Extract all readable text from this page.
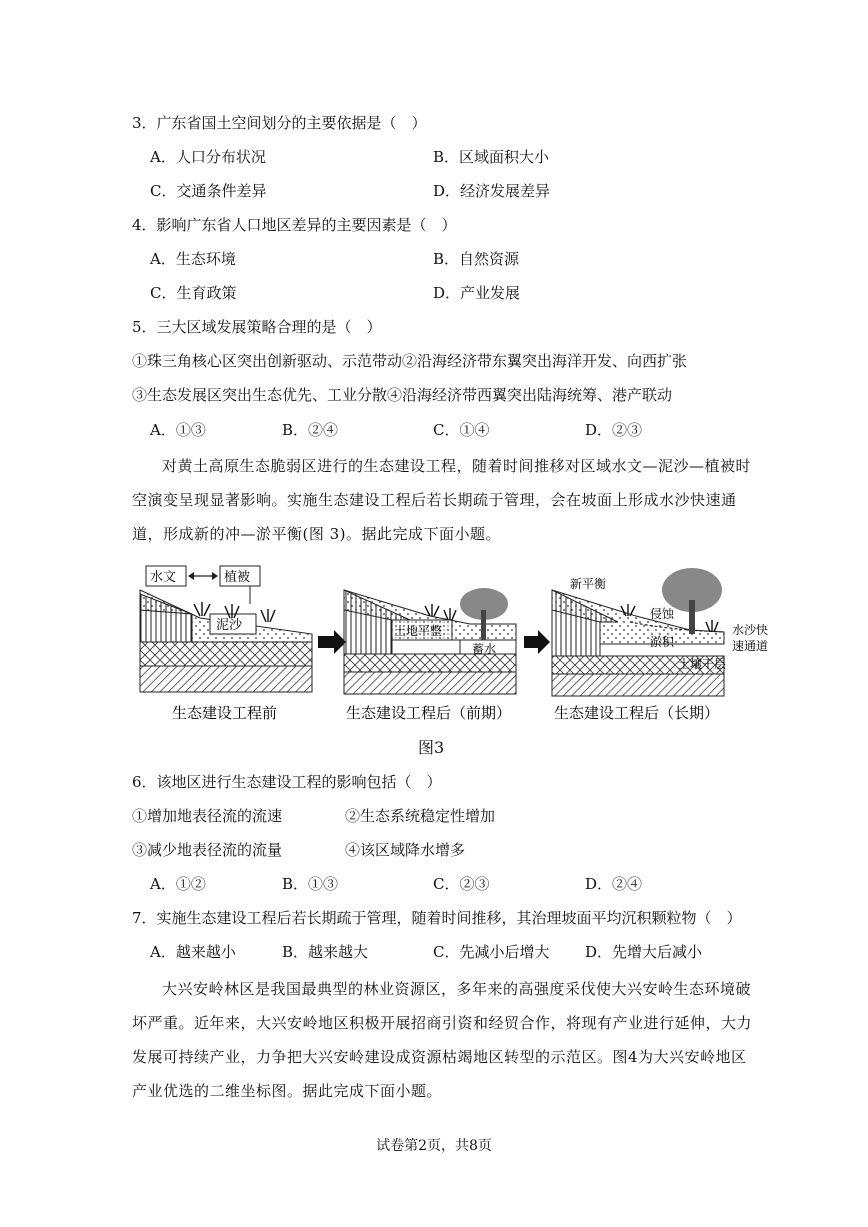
3．广东省国土空间划分的主要依据是（　）
A．人口分布状况	B．区域面积大小
C．交通条件差异	D．经济发展差异
4．影响广东省人口地区差异的主要因素是（　）
A．生态环境	B．自然资源
C．生育政策	D．产业发展
5．三大区域发展策略合理的是（　）
①珠三角核心区突出创新驱动、示范带动②沿海经济带东翼突出海洋开发、向西扩张
③生态发展区突出生态优先、工业分散④沿海经济带西翼突出陆海统筹、港产联动
A．①③	B．②④	C．①④	D．②③
对黄土高原生态脆弱区进行的生态建设工程，随着时间推移对区域水文—泥沙—植被时空演变呈现显著影响。实施生态建设工程后若长期疏于管理，会在坡面上形成水沙快速通道，形成新的冲—淤平衡(图 3)。据此完成下面小题。
泥沙
水文	植被
生态建设工程前
土地平整
蓄水
生态建设工程后（前期）
新平衡
侵蚀
淤积
土壤干层
水沙快
速通道
生态建设工程后（长期）
图3
6．该地区进行生态建设工程的影响包括（　）
①增加地表径流的流速	②生态系统稳定性增加
③减少地表径流的流量	④该区域降水增多
A．①②	B．①③	C．②③	D．②④
7．实施生态建设工程后若长期疏于管理，随着时间推移，其治理坡面平均沉积颗粒物（　）
A．越来越小	B．越来越大	C．先减小后增大 D．先增大后减小
大兴安岭林区是我国最典型的林业资源区，多年来的高强度采伐使大兴安岭生态环境破坏严重。近年来，大兴安岭地区积极开展招商引资和经贸合作，将现有产业进行延伸，大力发展可持续产业，力争把大兴安岭建设成资源枯竭地区转型的示范区。图4为大兴安岭地区产业优选的二维坐标图。据此完成下面小题。
试卷第2页，共8页
